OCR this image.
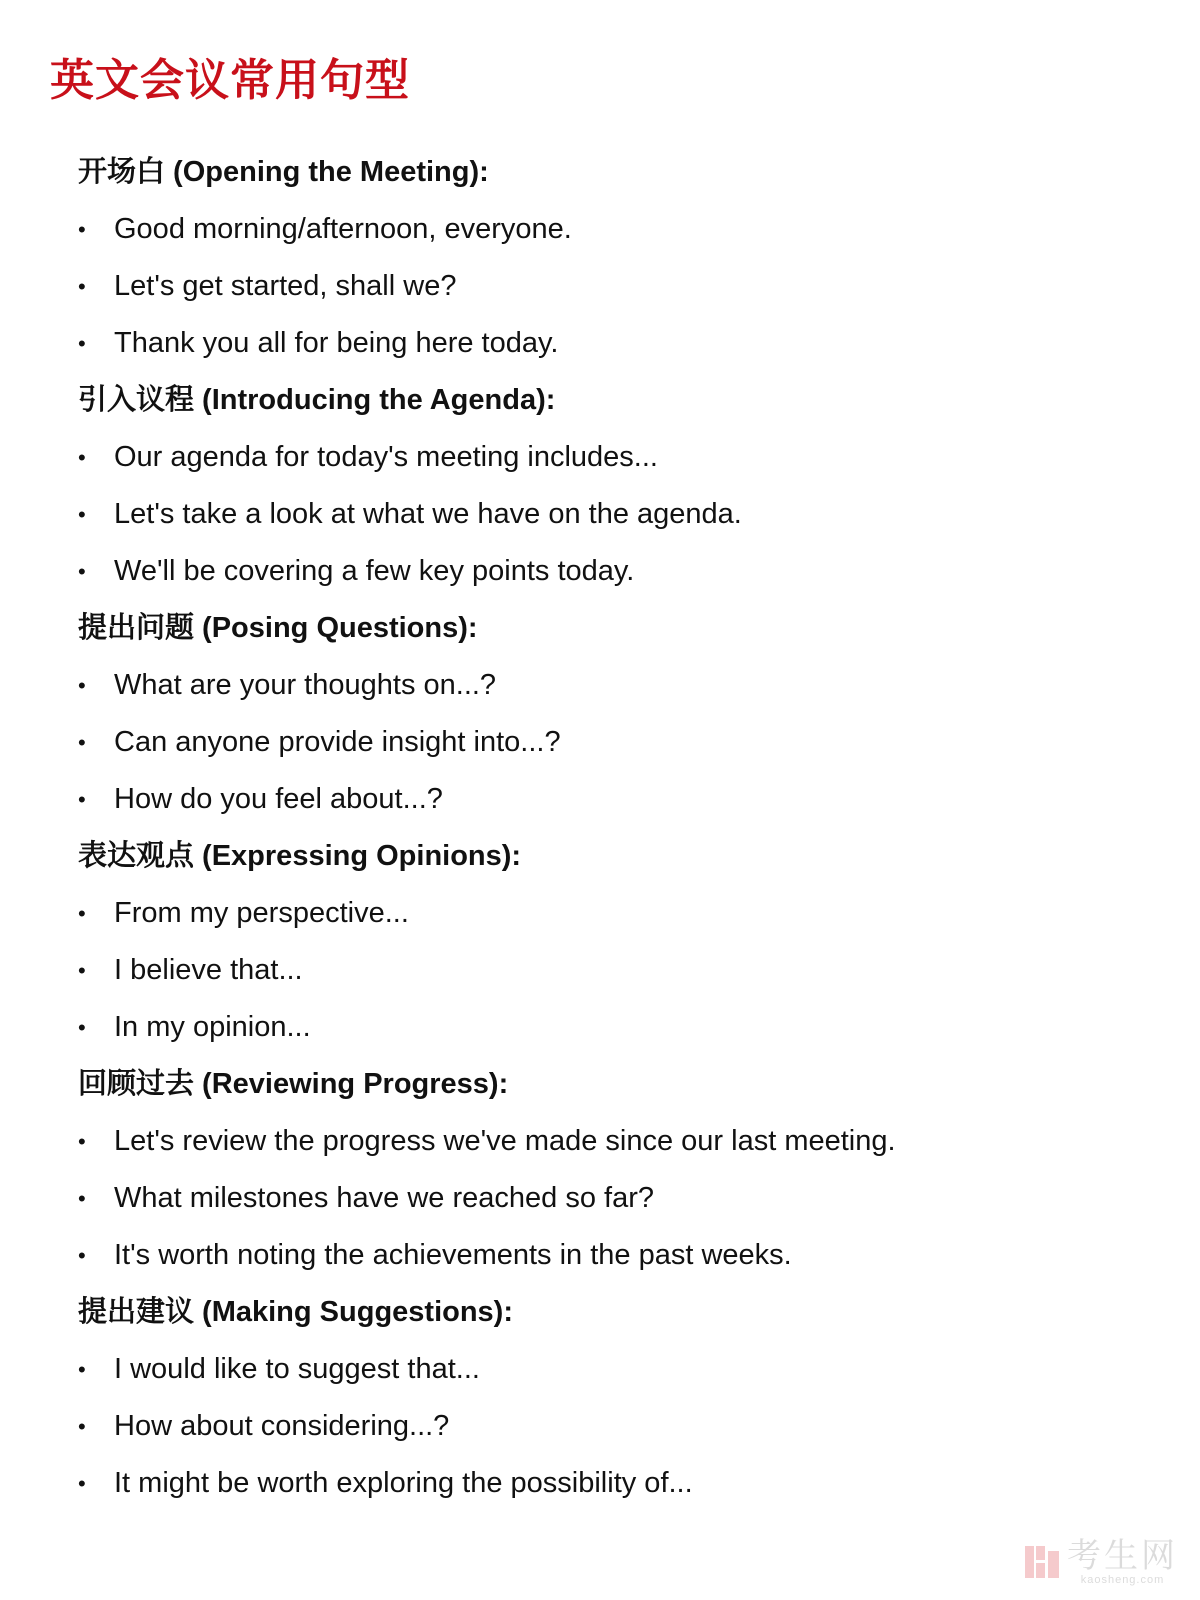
英文会议常用句型
开场白 (Opening the Meeting):
• Good morning/afternoon, everyone.
• Let's get started, shall we?
• Thank you all for being here today.
引入议程 (Introducing the Agenda):
• Our agenda for today's meeting includes...
• Let's take a look at what we have on the agenda.
• We'll be covering a few key points today.
提出问题 (Posing Questions):
• What are your thoughts on...?
• Can anyone provide insight into...?
• How do you feel about...?
表达观点 (Expressing Opinions):
• From my perspective...
• I believe that...
• In my opinion...
回顾过去 (Reviewing Progress):
• Let's review the progress we've made since our last meeting.
• What milestones have we reached so far?
• It's worth noting the achievements in the past weeks.
提出建议 (Making Suggestions):
• I would like to suggest that...
• How about considering...?
• It might be worth exploring the possibility of...
考生网
kaosheng.com
